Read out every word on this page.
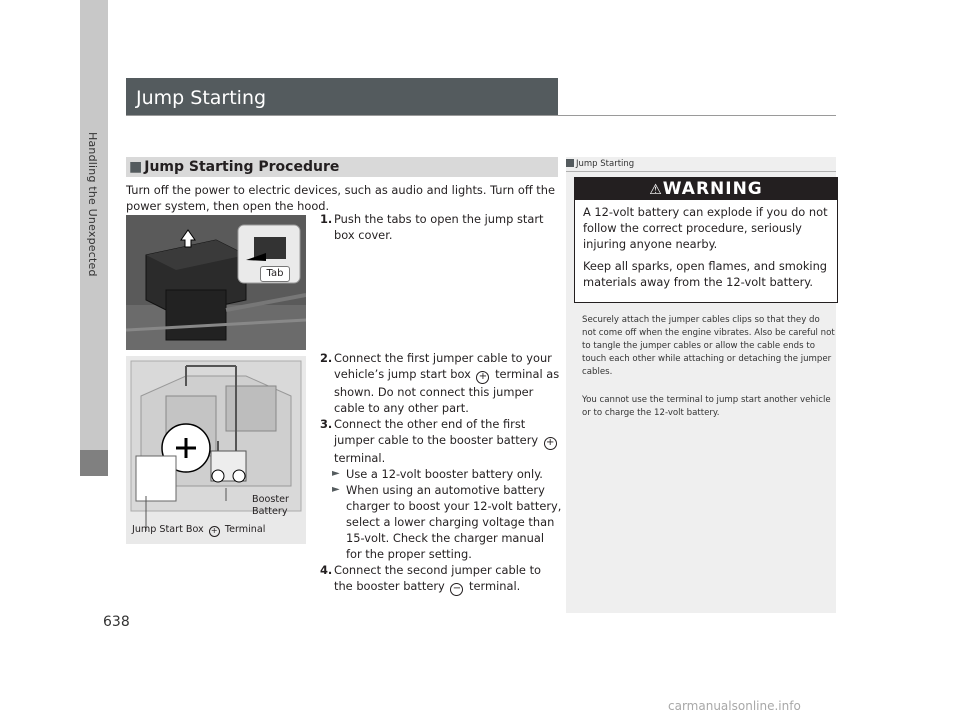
Handling the Unexpected
638
Jump Starting
■ Jump Starting Procedure
Turn off the power to electric devices, such as audio and lights. Turn off the power system, then open the hood.
Tab
Booster
Battery
Jump Start Box + Terminal
1. Push the tabs to open the jump start box cover.
2. Connect the first jumper cable to your vehicle’s jump start box + terminal as shown. Do not connect this jumper cable to any other part.
3. Connect the other end of the first jumper cable to the booster battery + terminal.
► Use a 12-volt booster battery only.
► When using an automotive battery charger to boost your 12-volt battery, select a lower charging voltage than 15-volt. Check the charger manual for the proper setting.
4. Connect the second jumper cable to the booster battery − terminal.
Jump Starting
⚠WARNING

A 12-volt battery can explode if you do not follow the correct procedure, seriously injuring anyone nearby.

Keep all sparks, open flames, and smoking materials away from the 12-volt battery.

Securely attach the jumper cables clips so that they do not come off when the engine vibrates. Also be careful not to tangle the jumper cables or allow the cable ends to touch each other while attaching or detaching the jumper cables.

You cannot use the terminal to jump start another vehicle or to charge the 12-volt battery.

carmanualsonline.info
